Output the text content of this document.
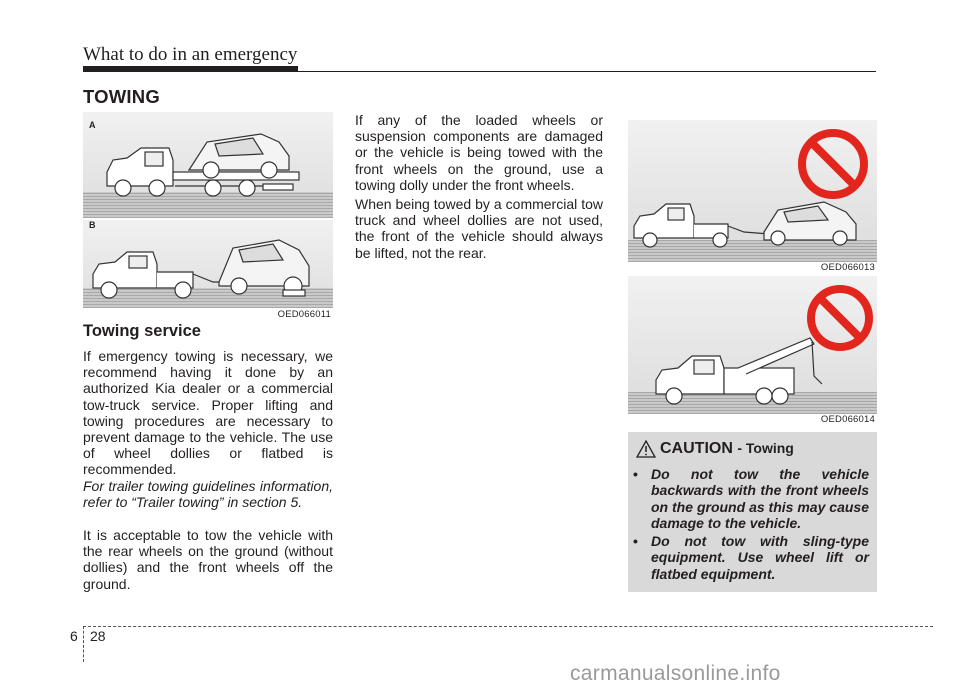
What to do in an emergency
TOWING
A
B
OED066011
Towing service

If emergency towing is necessary, we recommend having it done by an authorized Kia dealer or a commercial tow-truck service. Proper lifting and towing procedures are necessary to prevent damage to the vehicle. The use of wheel dollies or flatbed is recommended.

For trailer towing guidelines information, refer to “Trailer towing” in section 5.

It is acceptable to tow the vehicle with the rear wheels on the ground (without dollies) and the front wheels off the ground.

If any of the loaded wheels or suspension components are damaged or the vehicle is being towed with the front wheels on the ground, use a towing dolly under the front wheels.

When being towed by a commercial tow truck and wheel dollies are not used, the front of the vehicle should always be lifted, not the rear.

OED066013
OED066014
CAUTION - Towing
• Do not tow the vehicle backwards with the front wheels on the ground as this may cause damage to the vehicle.
• Do not tow with sling-type equipment. Use wheel lift or flatbed equipment.
6 28
carmanualsonline.info
